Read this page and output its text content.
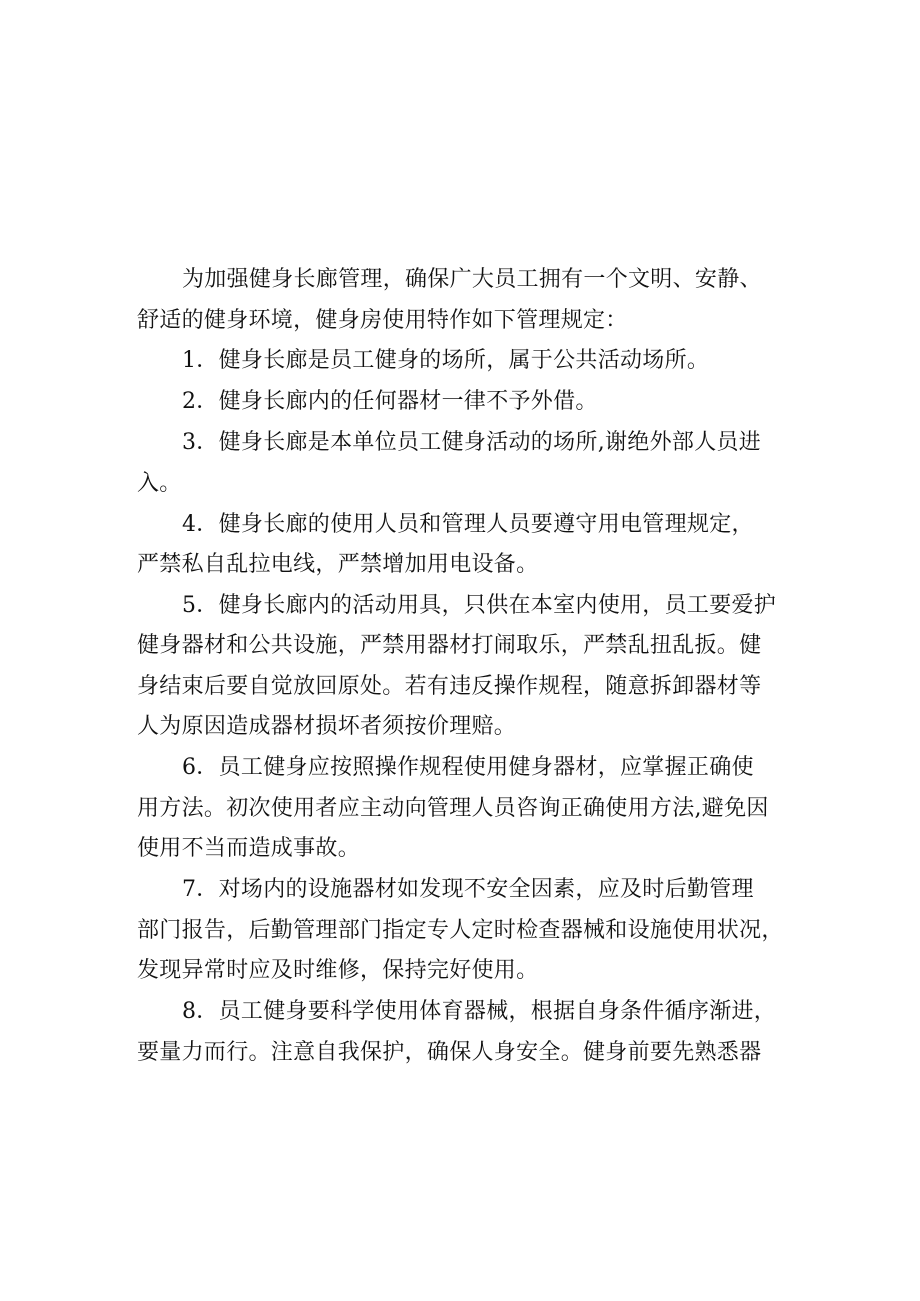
为加强健身长廊管理，确保广大员工拥有一个文明、安静、
舒适的健身环境，健身房使用特作如下管理规定：

1．健身长廊是员工健身的场所，属于公共活动场所。

2．健身长廊内的任何器材一律不予外借。

3．健身长廊是本单位员工健身活动的场所,谢绝外部人员进
入。

4．健身长廊的使用人员和管理人员要遵守用电管理规定，
严禁私自乱拉电线，严禁增加用电设备。

5．健身长廊内的活动用具，只供在本室内使用，员工要爱护
健身器材和公共设施，严禁用器材打闹取乐，严禁乱扭乱扳。健
身结束后要自觉放回原处。若有违反操作规程，随意拆卸器材等
人为原因造成器材损坏者须按价理赔。

6．员工健身应按照操作规程使用健身器材，应掌握正确使
用方法。初次使用者应主动向管理人员咨询正确使用方法,避免因
使用不当而造成事故。

7．对场内的设施器材如发现不安全因素，应及时后勤管理
部门报告，后勤管理部门指定专人定时检查器械和设施使用状况，
发现异常时应及时维修，保持完好使用。

8．员工健身要科学使用体育器械，根据自身条件循序渐进，
要量力而行。注意自我保护，确保人身安全。健身前要先熟悉器
